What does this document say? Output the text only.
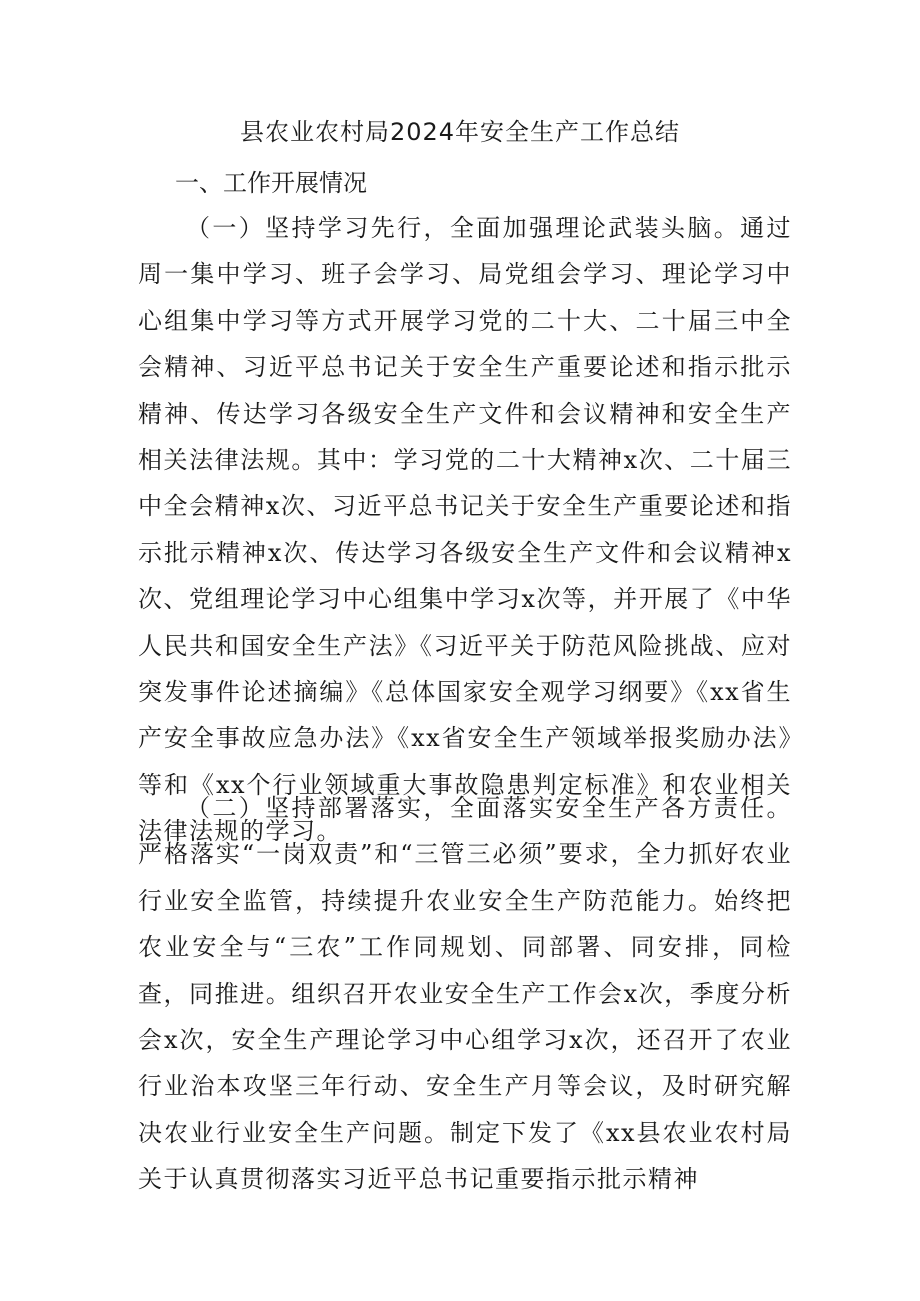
县农业农村局2024年安全生产工作总结
一、工作开展情况

（一）坚持学习先行，全面加强理论武装头脑。通过周一集中学习、班子会学习、局党组会学习、理论学习中心组集中学习等方式开展学习党的二十大、二十届三中全会精神、习近平总书记关于安全生产重要论述和指示批示精神、传达学习各级安全生产文件和会议精神和安全生产相关法律法规。其中：学习党的二十大精神x次、二十届三中全会精神x次、习近平总书记关于安全生产重要论述和指示批示精神x次、传达学习各级安全生产文件和会议精神x次、党组理论学习中心组集中学习x次等，并开展了《中华人民共和国安全生产法》《习近平关于防范风险挑战、应对突发事件论述摘编》《总体国家安全观学习纲要》《xx省生产安全事故应急办法》《xx省安全生产领域举报奖励办法》等和《xx个行业领域重大事故隐患判定标准》和农业相关法律法规的学习。

（二）坚持部署落实，全面落实安全生产各方责任。严格落实“一岗双责”和“三管三必须”要求，全力抓好农业行业安全监管，持续提升农业安全生产防范能力。始终把农业安全与“三农”工作同规划、同部署、同安排，同检查，同推进。组织召开农业安全生产工作会x次，季度分析会x次，安全生产理论学习中心组学习x次，还召开了农业行业治本攻坚三年行动、安全生产月等会议，及时研究解决农业行业安全生产问题。制定下发了《xx县农业农村局关于认真贯彻落实习近平总书记重要指示批示精神
